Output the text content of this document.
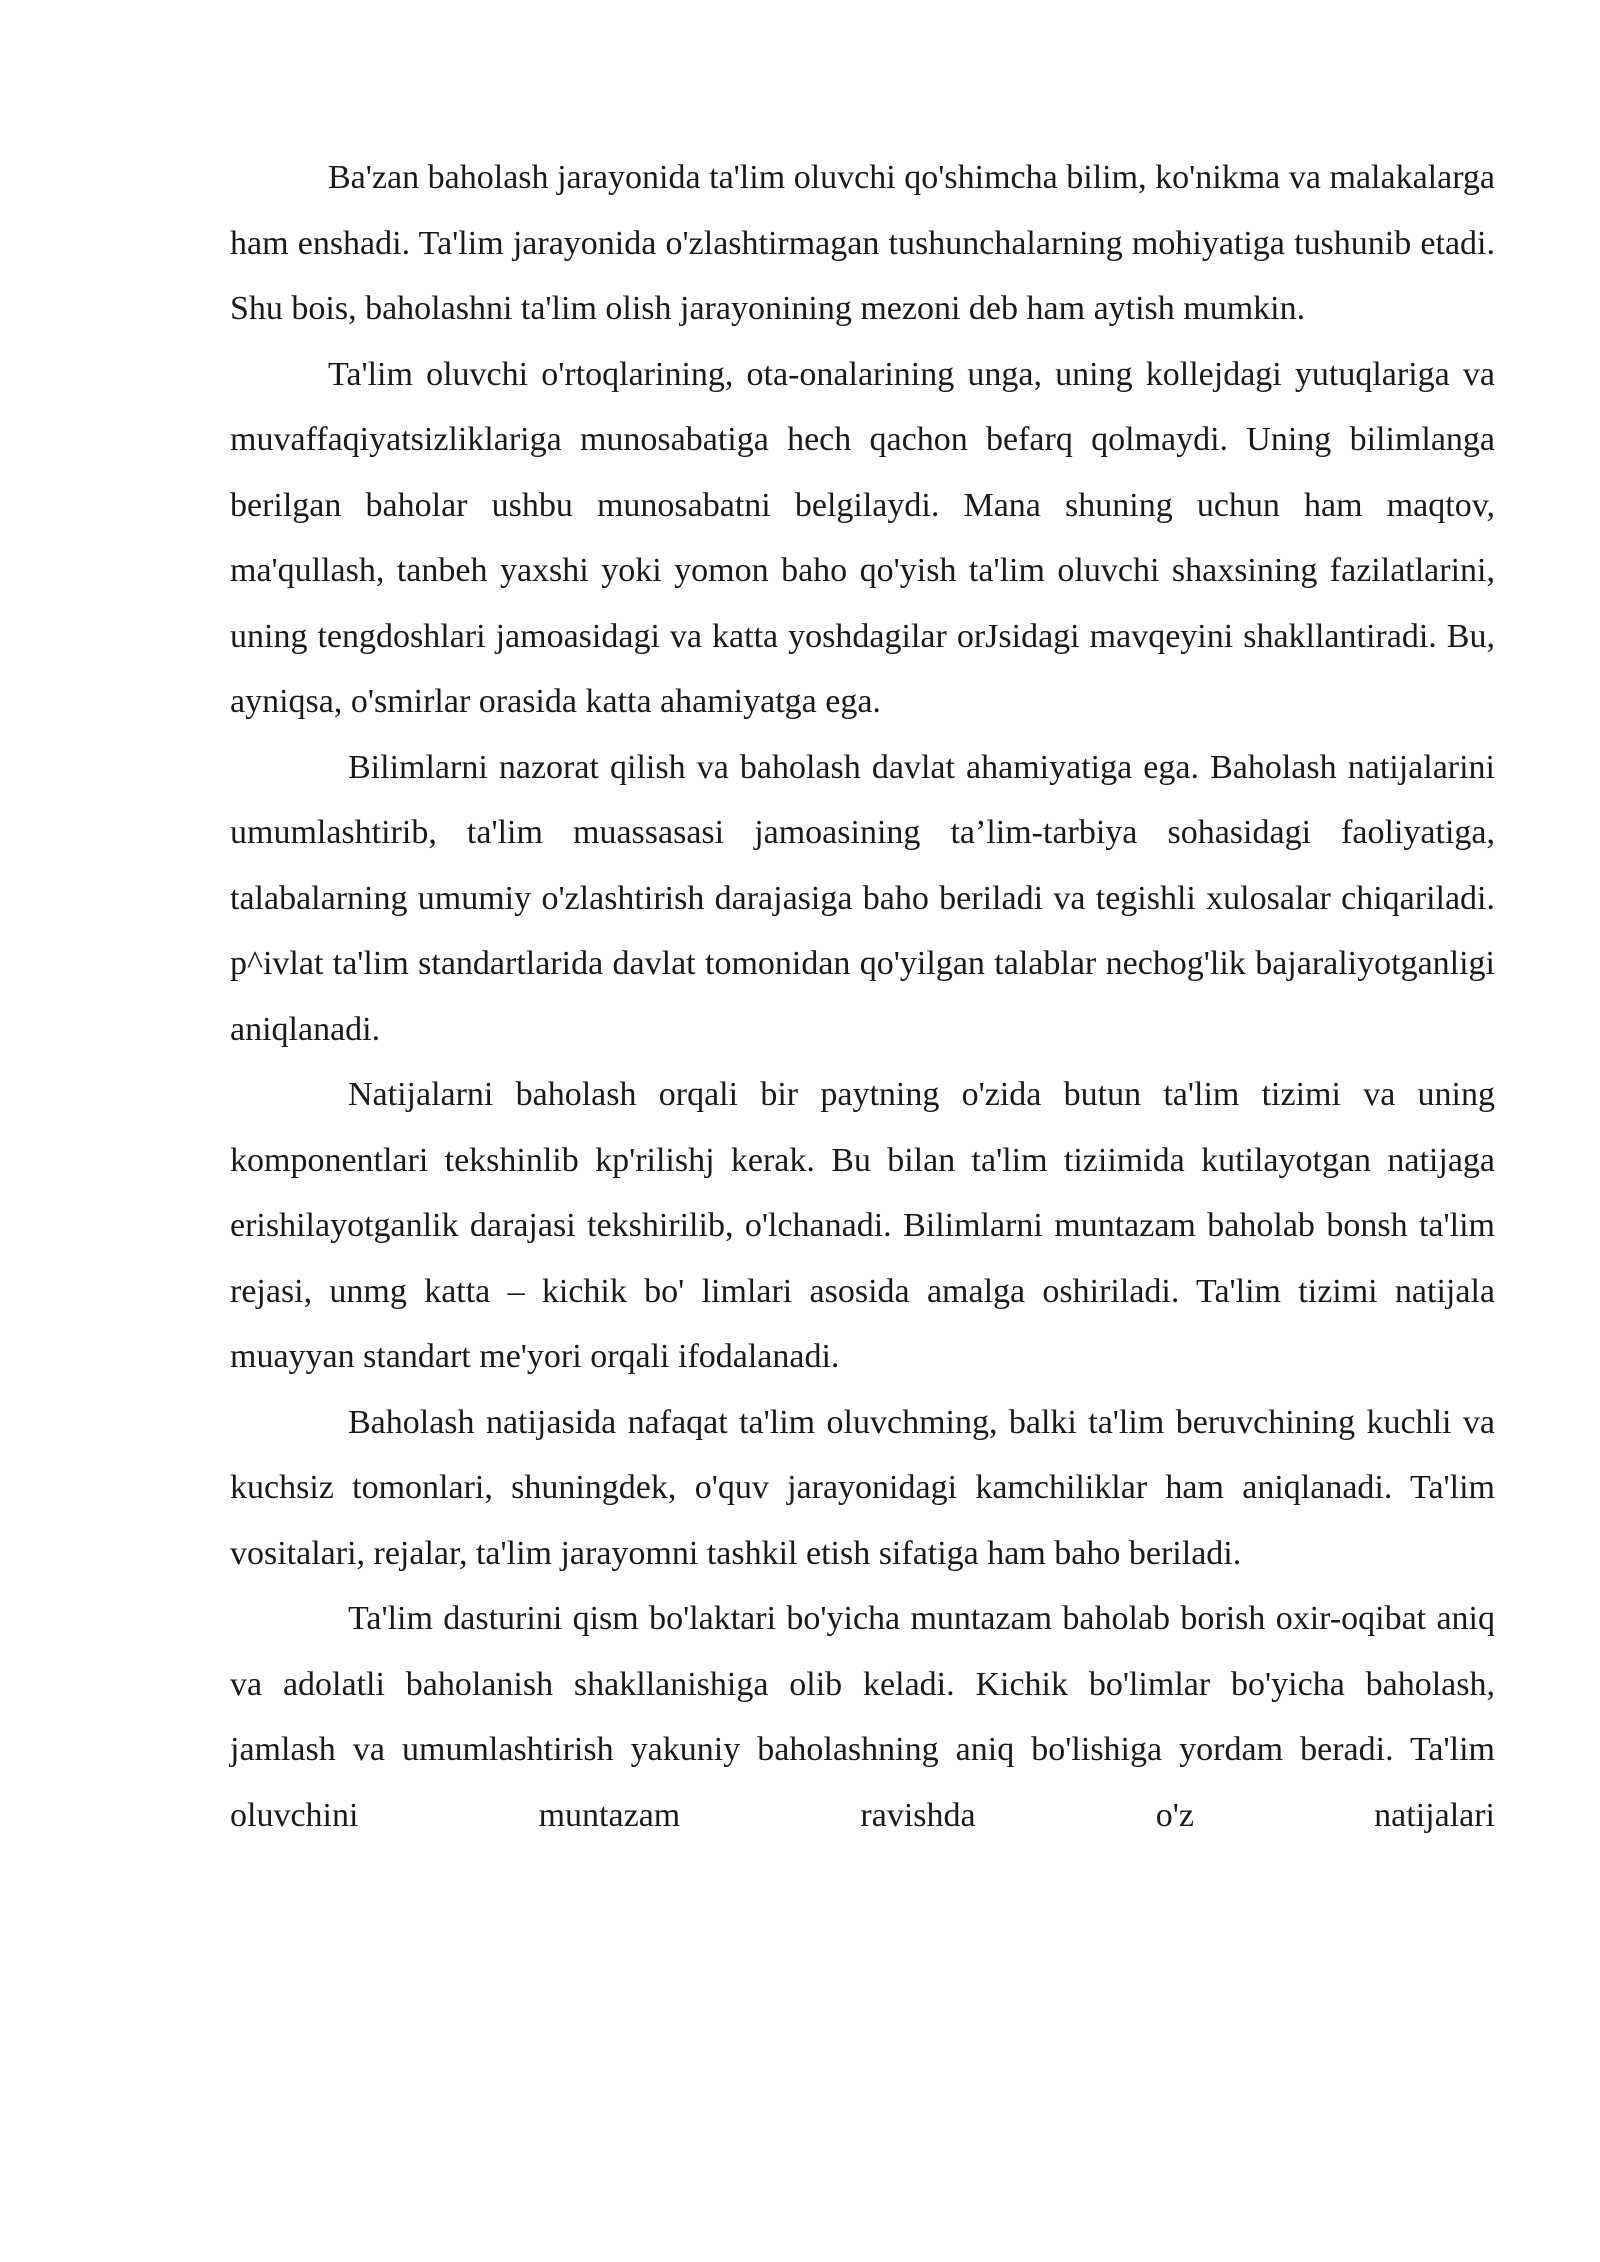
Ba'zan baholash jarayonida ta'lim oluvchi qo'shimcha bilim, ko'nikma va malakalarga ham enshadi. Ta'lim jarayonida o'zlashtirmagan tushunchalarning mohiyatiga tushunib etadi. Shu bois, baholashni ta'lim olish jarayonining mezoni deb ham aytish mumkin.

Ta'lim oluvchi o'rtoqlarining, ota-onalarining unga, uning kollejdagi yutuqlariga va muvaffaqiyatsizliklariga munosabatiga hech qachon befarq qolmaydi. Uning bilimlanga berilgan baholar ushbu munosabatni belgilaydi. Mana shuning uchun ham maqtov, ma'qullash, tanbeh yaxshi yoki yomon baho qo'yish ta'lim oluvchi shaxsining fazilatlarini, uning tengdoshlari jamoasidagi va katta yoshdagilar orJsidagi mavqeyini shakllantiradi. Bu, ayniqsa, o'smirlar orasida katta ahamiyatga ega.

Bilimlarni nazorat qilish va baholash davlat ahamiyatiga ega. Baholash natijalarini umumlashtirib, ta'lim muassasasi jamoasining ta’lim-tarbiya sohasidagi faoliyatiga, talabalarning umumiy o'zlashtirish darajasiga baho beriladi va tegishli xulosalar chiqariladi. p^ivlat ta'lim standartlarida davlat tomonidan qo'yilgan talablar nechog'lik bajaraliyotganligi aniqlanadi.

Natijalarni baholash orqali bir paytning o'zida butun ta'lim tizimi va uning komponentlari tekshinlib kp'rilishj kerak. Bu bilan ta'lim tiziimida kutilayotgan natijaga erishilayotganlik darajasi tekshirilib, o'lchanadi. Bilimlarni muntazam baholab bonsh ta'lim rejasi, unmg katta – kichik bo' limlari asosida amalga oshiriladi. Ta'lim tizimi natijala muayyan standart me'yori orqali ifodalanadi.

Baholash natijasida nafaqat ta'lim oluvchming, balki ta'lim beruvchining kuchli va kuchsiz tomonlari, shuningdek, o'quv jarayonidagi kamchiliklar ham aniqlanadi. Ta'lim vositalari, rejalar, ta'lim jarayomni tashkil etish sifatiga ham baho beriladi.

Ta'lim dasturini qism bo'laktari bo'yicha muntazam baholab borish oxir-oqibat aniq va adolatli baholanish shakllanishiga olib keladi. Kichik bo'limlar bo'yicha baholash, jamlash va umumlashtirish yakuniy baholashning aniq bo'lishiga yordam beradi. Ta'lim oluvchini muntazam ravishda o'z natijalari
